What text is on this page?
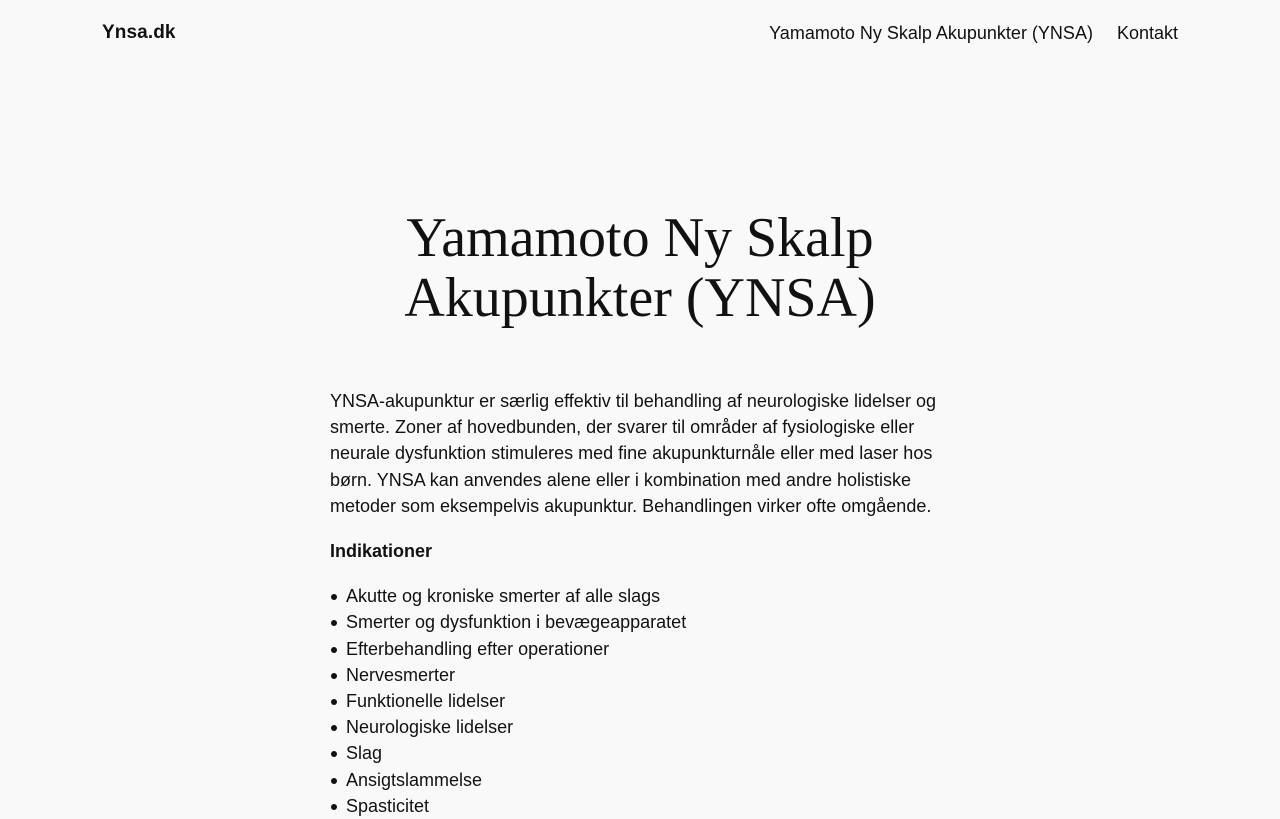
Ynsa.dk	Yamamoto Ny Skalp Akupunkter (YNSA) Kontakt
Yamamoto Ny Skalp
Akupunkter (YNSA)

YNSA-akupunktur er særlig effektiv til behandling af neurologiske lidelser og smerte. Zoner af hovedbunden, der svarer til områder af fysiologiske eller neurale dysfunktion stimuleres med fine akupunkturnåle eller med laser hos børn. YNSA kan anvendes alene eller i kombination med andre holistiske metoder som eksempelvis akupunktur. Behandlingen virker ofte omgående.

Indikationer

Akutte og kroniske smerter af alle slags
Smerter og dysfunktion i bevægeapparatet
Efterbehandling efter operationer
Nervesmerter
Funktionelle lidelser
Neurologiske lidelser
Slag
Ansigtslammelse
Spasticitet
